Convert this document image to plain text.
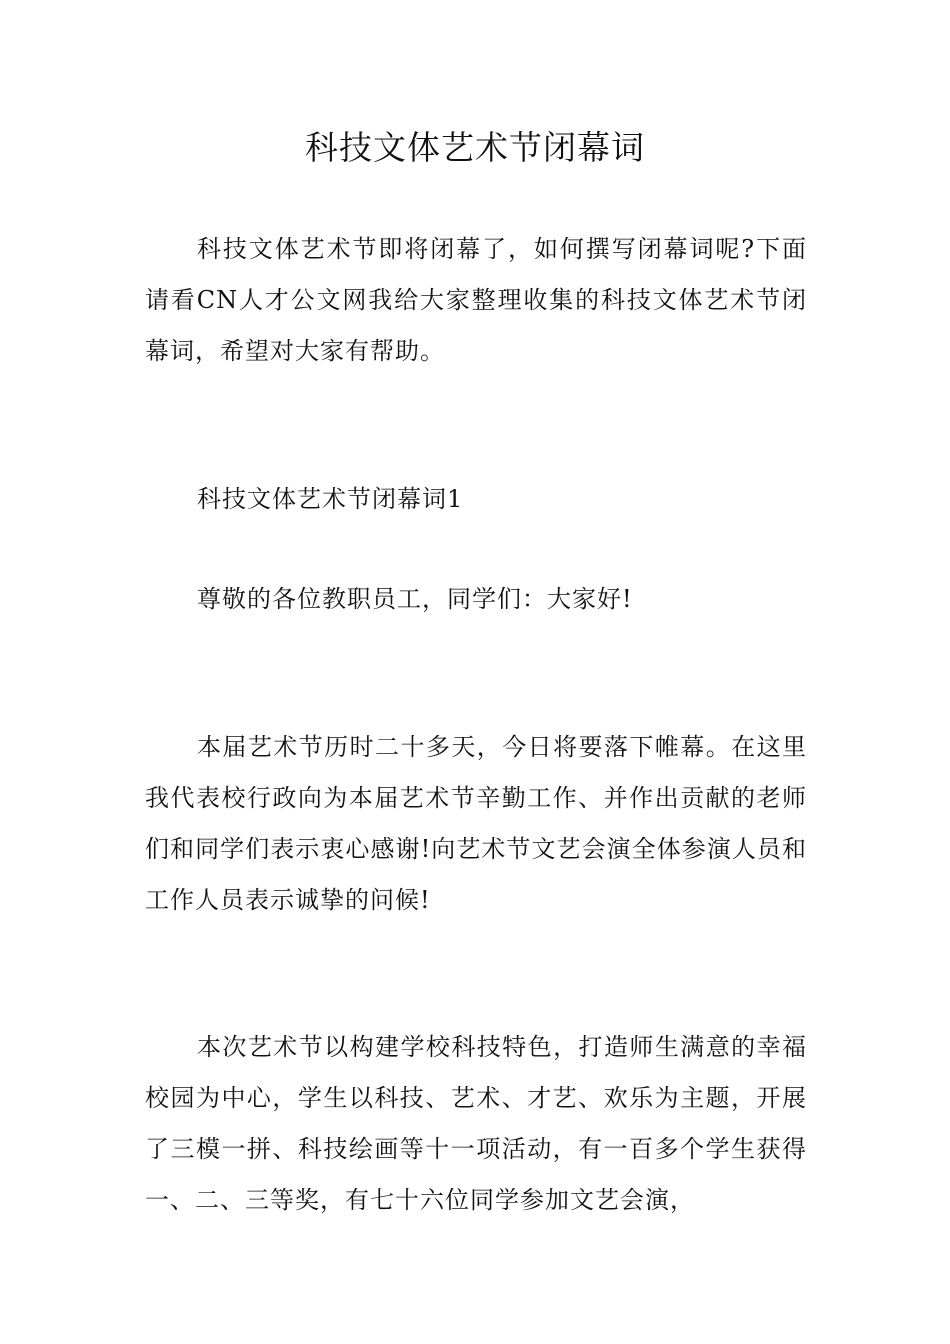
科技文体艺术节闭幕词

科技文体艺术节即将闭幕了，如何撰写闭幕词呢?下面请看CN人才公文网我给大家整理收集的科技文体艺术节闭幕词，希望对大家有帮助。

科技文体艺术节闭幕词1

尊敬的各位教职员工，同学们：大家好!

本届艺术节历时二十多天，今日将要落下帷幕。在这里我代表校行政向为本届艺术节辛勤工作、并作出贡献的老师们和同学们表示衷心感谢!向艺术节文艺会演全体参演人员和工作人员表示诚挚的问候!

本次艺术节以构建学校科技特色，打造师生满意的幸福校园为中心，学生以科技、艺术、才艺、欢乐为主题，开展了三模一拼、科技绘画等十一项活动，有一百多个学生获得一、二、三等奖，有七十六位同学参加文艺会演，
